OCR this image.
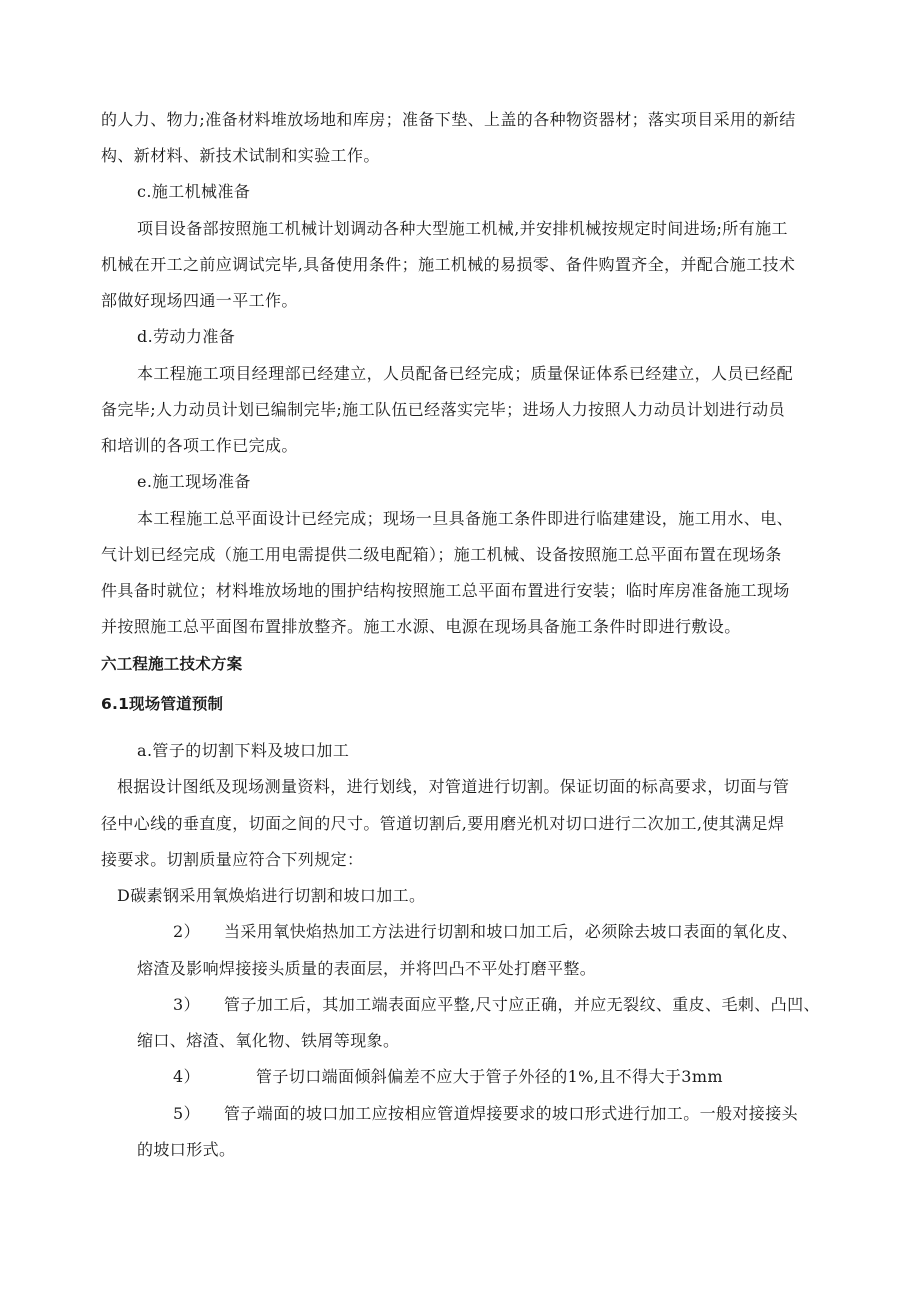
的人力、物力;准备材料堆放场地和库房；准备下垫、上盖的各种物资器材；落实项目采用的新结
构、新材料、新技术试制和实验工作。
c.施工机械准备
项目设备部按照施工机械计划调动各种大型施工机械,并安排机械按规定时间进场;所有施工
机械在开工之前应调试完毕,具备使用条件；施工机械的易损零、备件购置齐全，并配合施工技术
部做好现场四通一平工作。
d.劳动力准备
本工程施工项目经理部已经建立，人员配备已经完成；质量保证体系已经建立，人员已经配
备完毕;人力动员计划已编制完毕;施工队伍已经落实完毕；进场人力按照人力动员计划进行动员
和培训的各项工作已完成。
e.施工现场准备
本工程施工总平面设计已经完成；现场一旦具备施工条件即进行临建建设，施工用水、电、
气计划已经完成（施工用电需提供二级电配箱）；施工机械、设备按照施工总平面布置在现场条
件具备时就位；材料堆放场地的围护结构按照施工总平面布置进行安装；临时库房准备施工现场
并按照施工总平面图布置排放整齐。施工水源、电源在现场具备施工条件时即进行敷设。
六工程施工技术方案
6.1现场管道预制
a.管子的切割下料及坡口加工
根据设计图纸及现场测量资料，进行划线，对管道进行切割。保证切面的标高要求，切面与管
径中心线的垂直度，切面之间的尺寸。管道切割后,要用磨光机对切口进行二次加工,使其满足焊
接要求。切割质量应符合下列规定：
D碳素钢采用氧焕焰进行切割和坡口加工。
2） 当采用氧快焰热加工方法进行切割和坡口加工后，必须除去坡口表面的氧化皮、
熔渣及影响焊接接头质量的表面层，并将凹凸不平处打磨平整。
3） 管子加工后，其加工端表面应平整,尺寸应正确，并应无裂纹、重皮、毛刺、凸凹、
缩口、熔渣、氧化物、铁屑等现象。
4）	管子切口端面倾斜偏差不应大于管子外径的1%,且不得大于3mm
5） 管子端面的坡口加工应按相应管道焊接要求的坡口形式进行加工。一般对接接头
的坡口形式。
